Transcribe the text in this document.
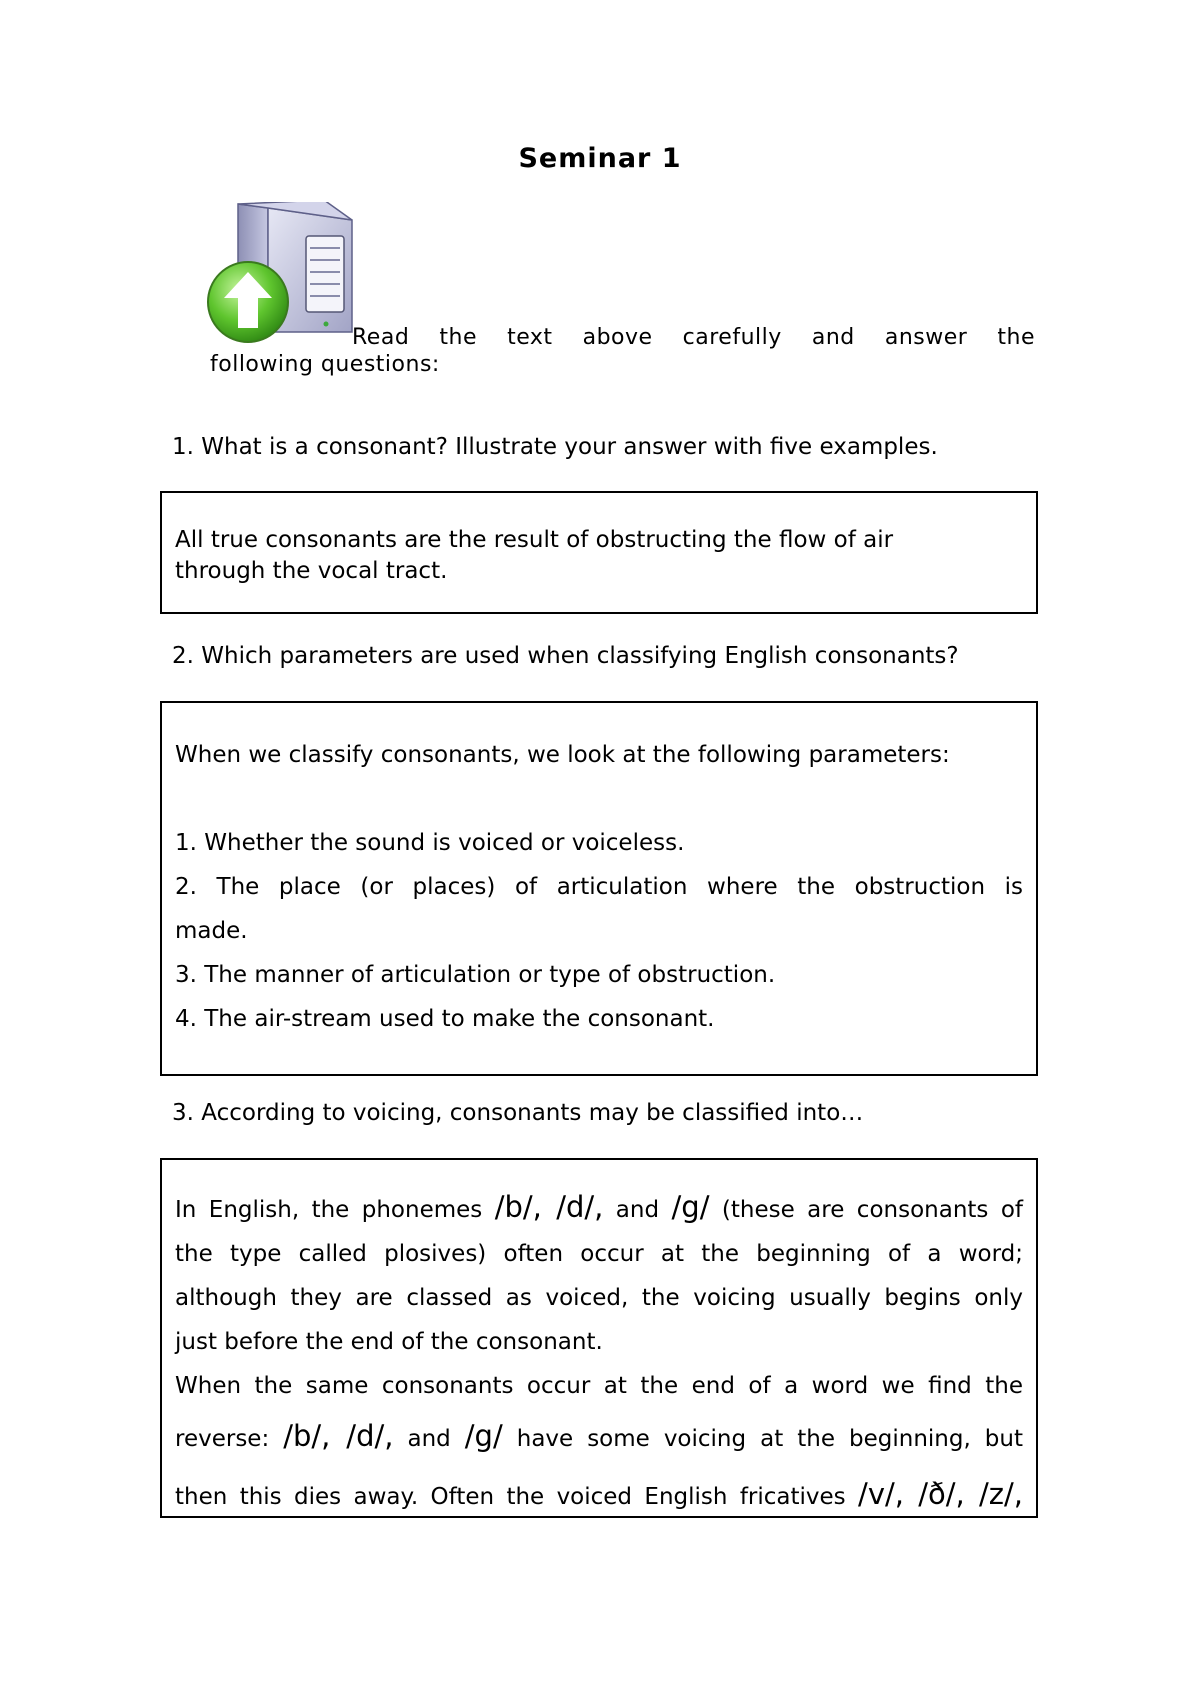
Seminar 1
Read the text above carefully and answer the
following questions:
1. What is a consonant? Illustrate your answer with five examples.

All true consonants are the result of obstructing the flow of air

through the vocal tract.

2. Which parameters are used when classifying English consonants?

When we classify consonants, we look at the following parameters:

1. Whether the sound is voiced or voiceless.

2. The place (or places) of articulation where the obstruction is

made.

3. The manner of articulation or type of obstruction.

4. The air-stream used to make the consonant.

3. According to voicing, consonants may be classified into…

In English, the phonemes /b/, /d/, and /g/ (these are consonants of

the type called plosives) often occur at the beginning of a word;

although they are classed as voiced, the voicing usually begins only

just before the end of the consonant.

When the same consonants occur at the end of a word we find the

reverse: /b/, /d/, and /g/ have some voicing at the beginning, but

then this dies away. Often the voiced English fricatives /v/, /ð/, /z/,
